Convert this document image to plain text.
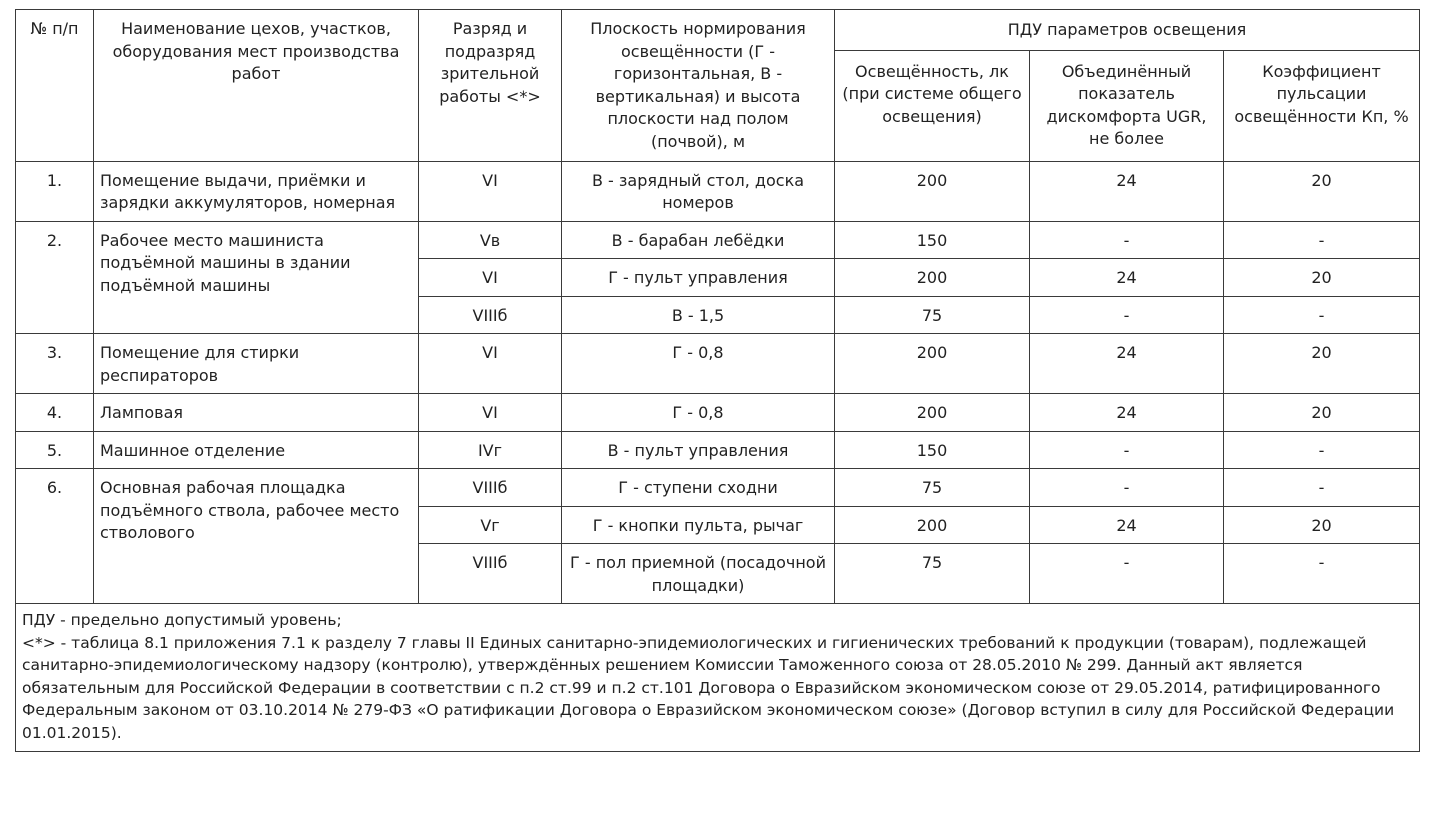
№ п/п	Наименование цехов, участков, оборудования мест производства работ	Разряд и подразряд зрительной работы <*>	Плоскость нормирования освещённости (Г - горизонтальная, В - вертикальная) и высота плоскости над полом (почвой), м	ПДУ параметров освещения		
				Освещённость, лк (при системе общего освещения)	Объединённый показатель дискомфорта UGR, не более	Коэффициент пульсации освещённости Кп, %
1.	Помещение выдачи, приёмки и зарядки аккумуляторов, номерная	VI	В - зарядный стол, доска номеров	200	24	20
2.	Рабочее место машиниста подъёмной машины в здании подъёмной машины	Vв	В - барабан лебёдки	150	-	-
		VI	Г - пульт управления	200	24	20
		VIIIб	В - 1,5	75	-	-
3.	Помещение для стирки респираторов	VI	Г - 0,8	200	24	20
4.	Ламповая	VI	Г - 0,8	200	24	20
5.	Машинное отделение	IVг	В - пульт управления	150	-	-
6.	Основная рабочая площадка подъёмного ствола, рабочее место стволового	VIIIб	Г - ступени сходни	75	-	-
		Vг	Г - кнопки пульта, рычаг	200	24	20
		VIIIб	Г - пол приемной (посадочной площадки)	75	-	-

ПДУ - предельно допустимый уровень;
<*> - таблица 8.1 приложения 7.1 к разделу 7 главы II Единых санитарно-эпидемиологических и гигиенических требований к продукции (товарам), подлежащей санитарно-эпидемиологическому надзору (контролю), утверждённых решением Комиссии Таможенного союза от 28.05.2010 № 299. Данный акт является обязательным для Российской Федерации в соответствии с п.2 ст.99 и п.2 ст.101 Договора о Евразийском экономическом союзе от 29.05.2014, ратифицированного Федеральным законом от 03.10.2014 № 279-ФЗ «О ратификации Договора о Евразийском экономическом союзе» (Договор вступил в силу для Российской Федерации 01.01.2015).						
